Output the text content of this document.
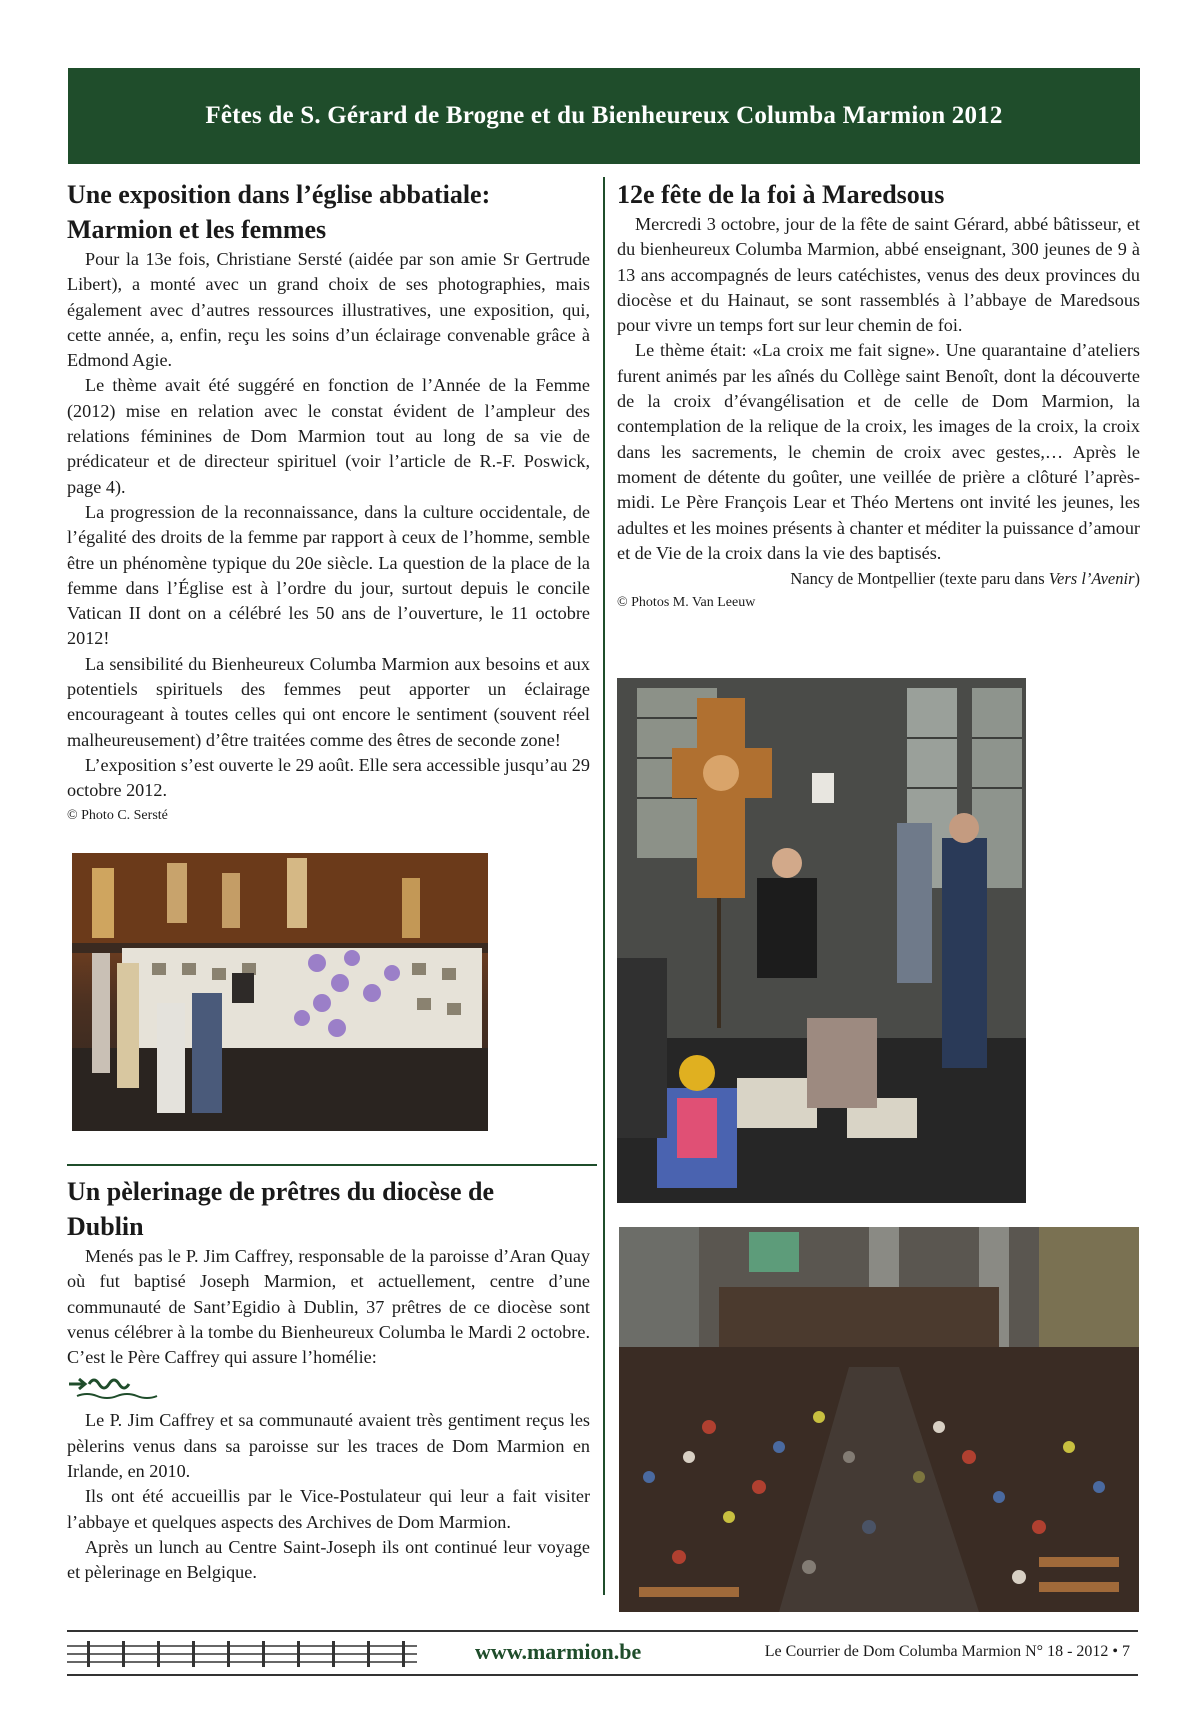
Fêtes de S. Gérard de Brogne et du Bienheureux Columba Marmion 2012
Une exposition dans l’église abbatiale:
Marmion et les femmes

Pour la 13e fois, Christiane Sersté (aidée par son amie Sr Gertrude Libert), a monté avec un grand choix de ses photographies, mais également avec d’autres ressources illustratives, une exposition, qui, cette année, a, enfin, reçu les soins d’un éclairage convenable grâce à Edmond Agie.

Le thème avait été suggéré en fonction de l’Année de la Femme (2012) mise en relation avec le constat évident de l’ampleur des relations féminines de Dom Marmion tout au long de sa vie de prédicateur et de directeur spirituel (voir l’article de R.-F. Poswick, page 4).

La progression de la reconnaissance, dans la culture occidentale, de l’égalité des droits de la femme par rapport à ceux de l’homme, semble être un phénomène typique du 20e siècle. La question de la place de la femme dans l’Église est à l’ordre du jour, surtout depuis le concile Vatican II dont on a célébré les 50 ans de l’ouverture, le 11 octobre 2012!

La sensibilité du Bienheureux Columba Marmion aux besoins et aux potentiels spirituels des femmes peut apporter un éclairage encourageant à toutes celles qui ont encore le sentiment (souvent réel malheureusement) d’être traitées comme des êtres de seconde zone!

L’exposition s’est ouverte le 29 août. Elle sera accessible jusqu’au 29 octobre 2012.

© Photo C. Sersté

Un pèlerinage de prêtres du diocèse de
Dublin

Menés pas le P. Jim Caffrey, responsable de la paroisse d’Aran Quay où fut baptisé Joseph Marmion, et actuellement, centre d’une communauté de Sant’Egidio à Dublin, 37 prêtres de ce diocèse sont venus célébrer à la tombe du Bienheureux Columba le Mardi 2 octobre. C’est le Père Caffrey qui assure l’homélie:

Le P. Jim Caffrey et sa communauté avaient très gentiment reçus les pèlerins venus dans sa paroisse sur les traces de Dom Marmion en Irlande, en 2010.

Ils ont été accueillis par le Vice-Postulateur qui leur a fait visiter l’abbaye et quelques aspects des Archives de Dom Marmion.

Après un lunch au Centre Saint-Joseph ils ont continué leur voyage et pèlerinage en Belgique.

12e fête de la foi à Maredsous

Mercredi 3 octobre, jour de la fête de saint Gérard, abbé bâtisseur, et du bienheureux Columba Marmion, abbé enseignant, 300 jeunes de 9 à 13 ans accompagnés de leurs catéchistes, venus des deux provinces du diocèse et du Hainaut, se sont rassemblés à l’abbaye de Maredsous pour vivre un temps fort sur leur chemin de foi.

Le thème était: «La croix me fait signe». Une quarantaine d’ateliers furent animés par les aînés du Collège saint Benoît, dont la découverte de la croix d’évangélisation et de celle de Dom Marmion, la contemplation de la relique de la croix, les images de la croix, la croix dans les sacrements, le chemin de croix avec gestes,… Après le moment de détente du goûter, une veillée de prière a clôturé l’après-midi. Le Père François Lear et Théo Mertens ont invité les jeunes, les adultes et les moines présents à chanter et méditer la puissance d’amour et de Vie de la croix dans la vie des baptisés.

Nancy de Montpellier (texte paru dans Vers l’Avenir)

© Photos M. Van Leeuw

www.marmion.be	Le Courrier de Dom Columba Marmion N° 18 - 2012 • 7
